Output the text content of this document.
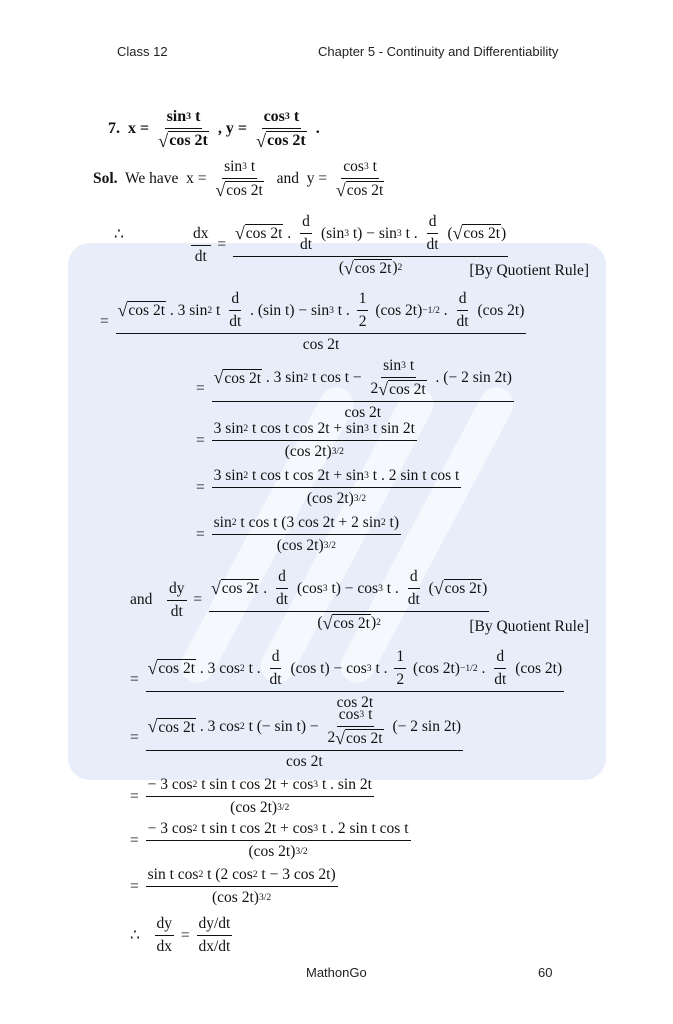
Class 12	Chapter 5 - Continuity and Differentiability
[By Quotient Rule]
[By Quotient Rule]
7.  $x = \frac{\sin 3 t}{√ \cos 2t}$ , $y = \frac{\cos 3 t}{√ \cos 2t}$ .
Sol. We have  $x = \frac{\sin 3 t}{√ \cos 2t}$ and  $y = \frac{\cos 3 t}{√ \cos 2t}$
∴	$\frac{dx}{dt} = \frac{√ \cos 2t . \frac{d}{dt} (\sin 3 t) - \sin 3 t . \frac{d}{dt} ( √ \cos 2t )}{( √ \cos 2t ) 2}$
=
√ cos 2t . 3 sin 2 t $\frac{d}{dt}$ . (sin t) − sin 3 t . $\frac{1}{2} (\cos$ 2t) −1/2 . $\frac{d}{dt} (\cos$ 2t)
cos 2t
= $\frac{√ \cos 2t . 3 \sin 2 t \cos t - \frac{\sin 3 t}{2 √ \cos 2t} . (- 2 \sin 2t)}{\cos 2t}$
= $\frac{\text{3 sin 2 t cos t cos 2t + sin 3 t sin 2t}}{(\cos 2t) 3/2}$
= $\frac{\text{3 sin 2 t cos t cos 2t + sin 3 t . 2 sin t cos t}}{(\cos 2t) 3/2}$
= $\frac{\text{sin 2 t cos t (3 cos 2t + 2 sin 2 t)}}{(\cos 2t) 3/2}$
and $\frac{dy}{dt} = \frac{√ \cos 2t . \frac{d}{dt} (\cos 3 t) - \cos 3 t . \frac{d}{dt} ( √ \cos 2t )}{( √ \cos 2t ) 2}$
=
√ cos 2t . 3 cos 2 t . $\frac{d}{dt} (\cos$ t) − cos 3 t . $\frac{1}{2} (\cos$ 2t) −1/2 . $\frac{d}{dt} (\cos$ 2t)
cos 2t
= $\frac{√ \cos 2t . 3 \cos 2 t (- \sin t) - \frac{\cos 3 t}{2 √ \cos 2t} (- 2 \sin 2t)}{\cos 2t}$
= $\frac{\text{− 3 cos 2 t sin t cos 2t + cos 3 t . sin 2t}}{(\cos 2t) 3/2}$
= $\frac{\text{− 3 cos 2 t sin t cos 2t + cos 3 t . 2 sin t cos t}}{(\cos 2t) 3/2}$
= $\frac{\text{sin t cos 2 t (2 cos 2 t − 3 cos 2t)}}{(\cos 2t) 3/2}$
∴ $\frac{dy}{dx} = \frac{dy/dt}{dx/dt}$
MathonGo	60
